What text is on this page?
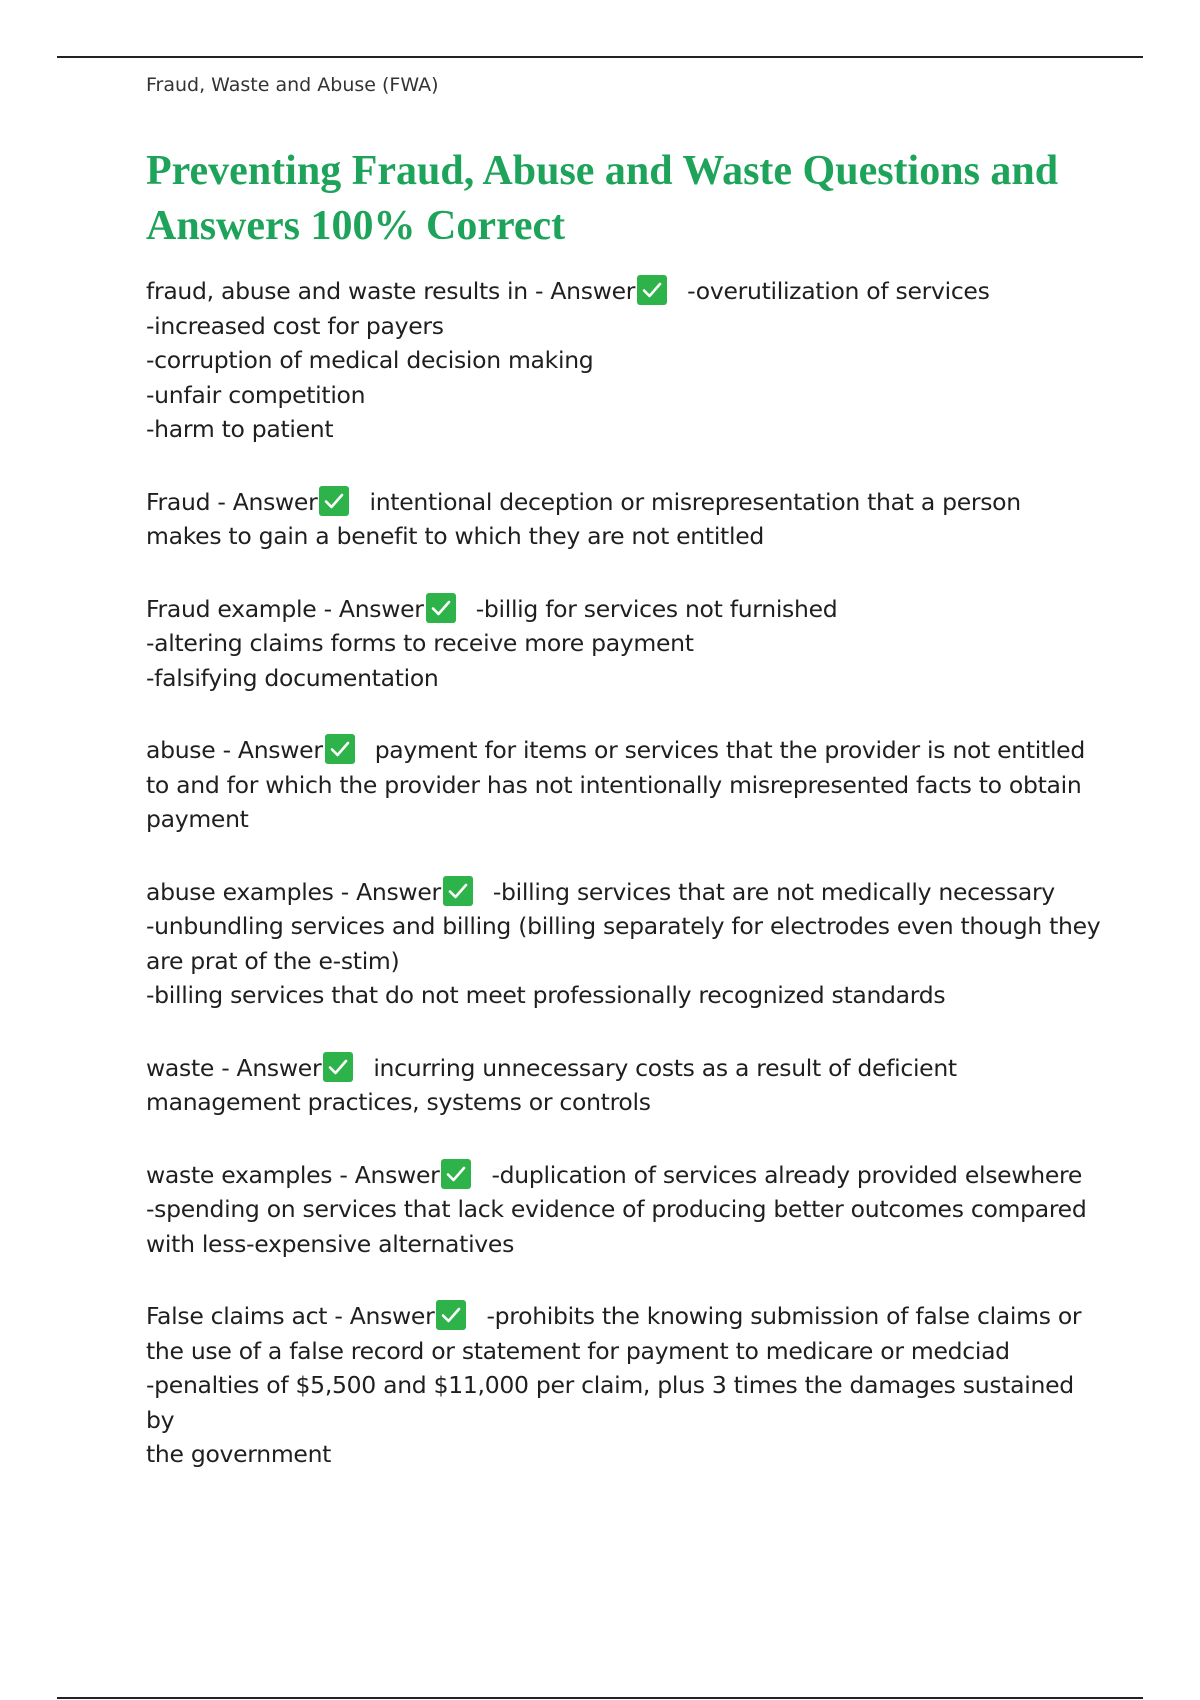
Fraud, Waste and Abuse (FWA)
Preventing Fraud, Abuse and Waste Questions and Answers 100% Correct
fraud, abuse and waste results in - Answer -overutilization of services
-increased cost for payers
-corruption of medical decision making
-unfair competition
-harm to patient
Fraud - Answer intentional deception or misrepresentation that a person
makes to gain a benefit to which they are not entitled
Fraud example - Answer -billig for services not furnished
-altering claims forms to receive more payment
-falsifying documentation
abuse - Answer payment for items or services that the provider is not entitled
to and for which the provider has not intentionally misrepresented facts to obtain
payment
abuse examples - Answer -billing services that are not medically necessary
-unbundling services and billing (billing separately for electrodes even though they
are prat of the e-stim)
-billing services that do not meet professionally recognized standards
waste - Answer incurring unnecessary costs as a result of deficient
management practices, systems or controls
waste examples - Answer -duplication of services already provided elsewhere
-spending on services that lack evidence of producing better outcomes compared
with less-expensive alternatives
False claims act - Answer -prohibits the knowing submission of false claims or
the use of a false record or statement for payment to medicare or medciad
-penalties of $5,500 and $11,000 per claim, plus 3 times the damages sustained by
the government
